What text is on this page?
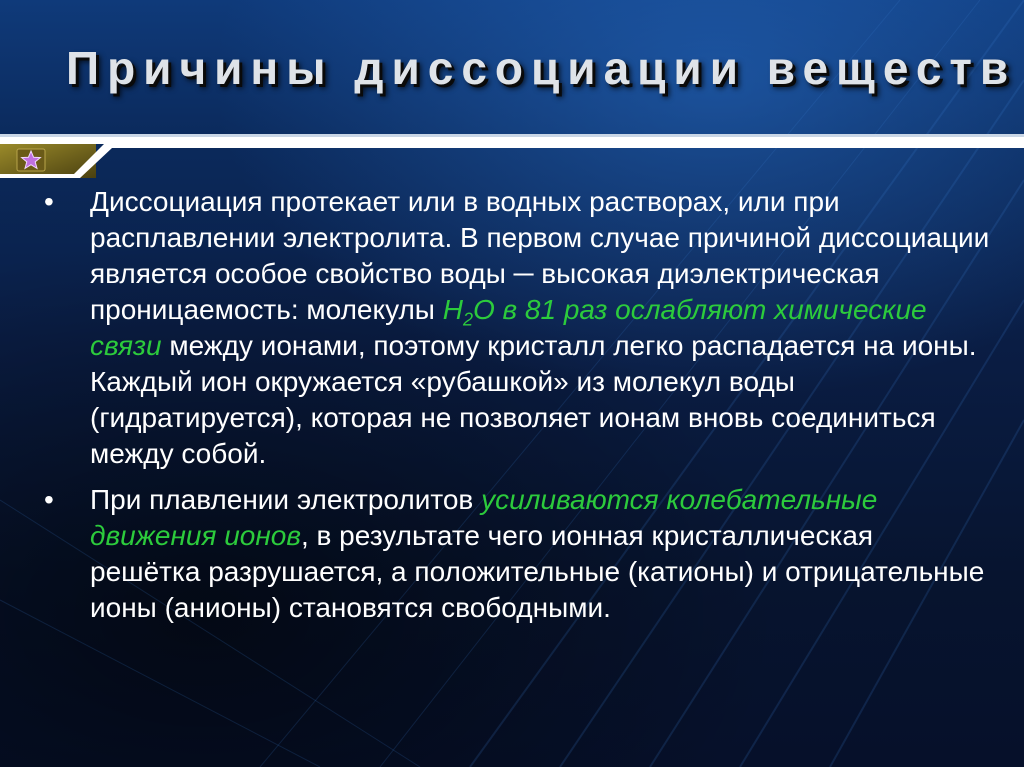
Причины диссоциации веществ
•	Диссоциация протекает или в водных растворах, или при расплавлении электролита. В первом случае причиной диссоциации является особое свойство воды ─ высокая диэлектрическая проницаемость: молекулы $H_2O$ в 81 раз ослабляют химические связи между ионами, поэтому кристалл легко распадается на ионы. Каждый ион окружается «рубашкой» из молекул воды (гидратируется), которая не позволяет ионам вновь соединиться между собой.
•	При плавлении электролитов усиливаются колебательные движения ионов, в результате чего ионная кристаллическая решётка разрушается, а положительные (катионы) и отрицательные ионы (анионы) становятся свободными.
